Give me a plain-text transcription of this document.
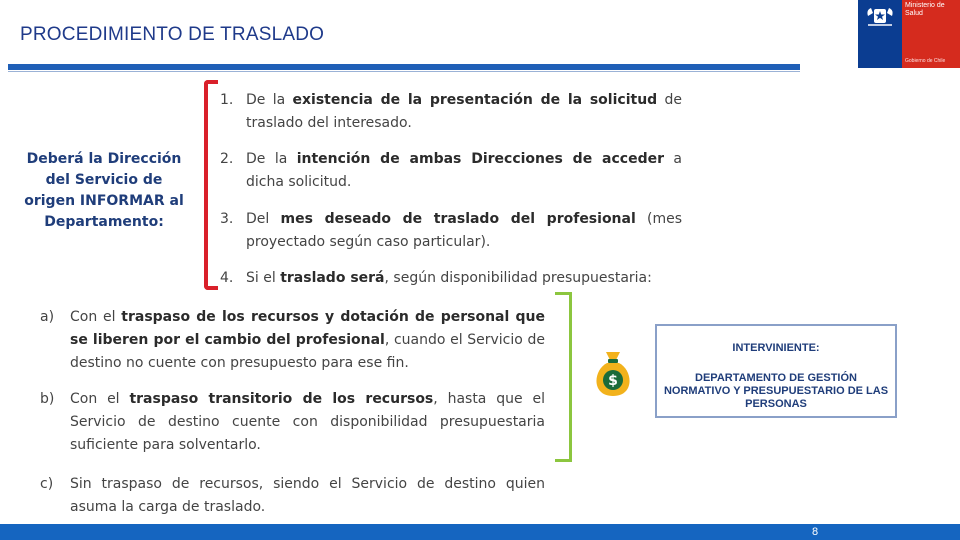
PROCEDIMIENTO DE TRASLADO
Ministerio de Salud
Gobierno de Chile
Deberá la Dirección del Servicio de origen INFORMAR al Departamento:
1. De la existencia de la presentación de la solicitud de traslado del interesado.
2. De la intención de ambas Direcciones de acceder a dicha solicitud.
3. Del mes deseado de traslado del profesional (mes proyectado según caso particular).
4. Si el traslado será, según disponibilidad presupuestaria:
a) Con el traspaso de los recursos y dotación de personal que se liberen por el cambio del profesional, cuando el Servicio de destino no cuente con presupuesto para ese fin.
b) Con el traspaso transitorio de los recursos, hasta que el Servicio de destino cuente con disponibilidad presupuestaria suficiente para solventarlo.
c) Sin traspaso de recursos, siendo el Servicio de destino quien asuma la carga de traslado.
$
INTERVINIENTE:
DEPARTAMENTO DE GESTIÓN NORMATIVO Y PRESUPUESTARIO DE LAS PERSONAS
8
